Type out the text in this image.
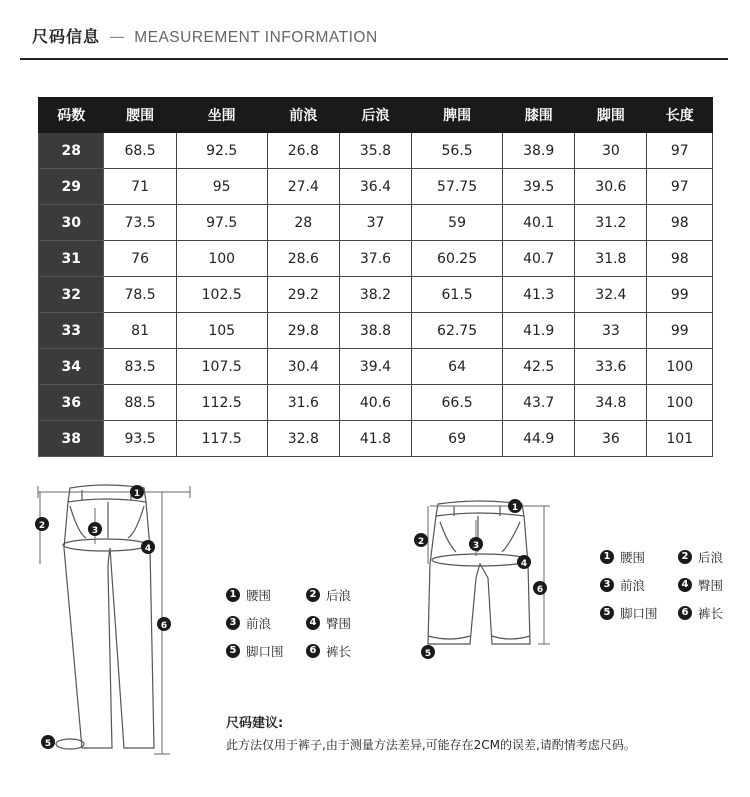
尺码信息 — MEASUREMENT INFORMATION
码数	腰围	坐围	前浪	后浪	脾围	膝围	脚围	长度
28	68.5	92.5	26.8	35.8	56.5	38.9	30	97
29	71	95	27.4	36.4	57.75	39.5	30.6	97
30	73.5	97.5	28	37	59	40.1	31.2	98
31	76	100	28.6	37.6	60.25	40.7	31.8	98
32	78.5	102.5	29.2	38.2	61.5	41.3	32.4	99
33	81	105	29.8	38.8	62.75	41.9	33	99
34	83.5	107.5	30.4	39.4	64	42.5	33.6	100
36	88.5	112.5	31.6	40.6	66.5	43.7	34.8	100
38	93.5	117.5	32.8	41.8	69	44.9	36	101
1
2	3
4
5
6
1 腰围	2 后浪
3 前浪	4 臀围
5 脚口围	6 裤长
1
2	3
4
5
6
1 腰围	2 后浪
3 前浪	4 臀围
5 脚口围	6 裤长
尺码建议:
此方法仅用于裤子,由于测量方法差异,可能存在2CM的误差,请酌情考虑尺码。
